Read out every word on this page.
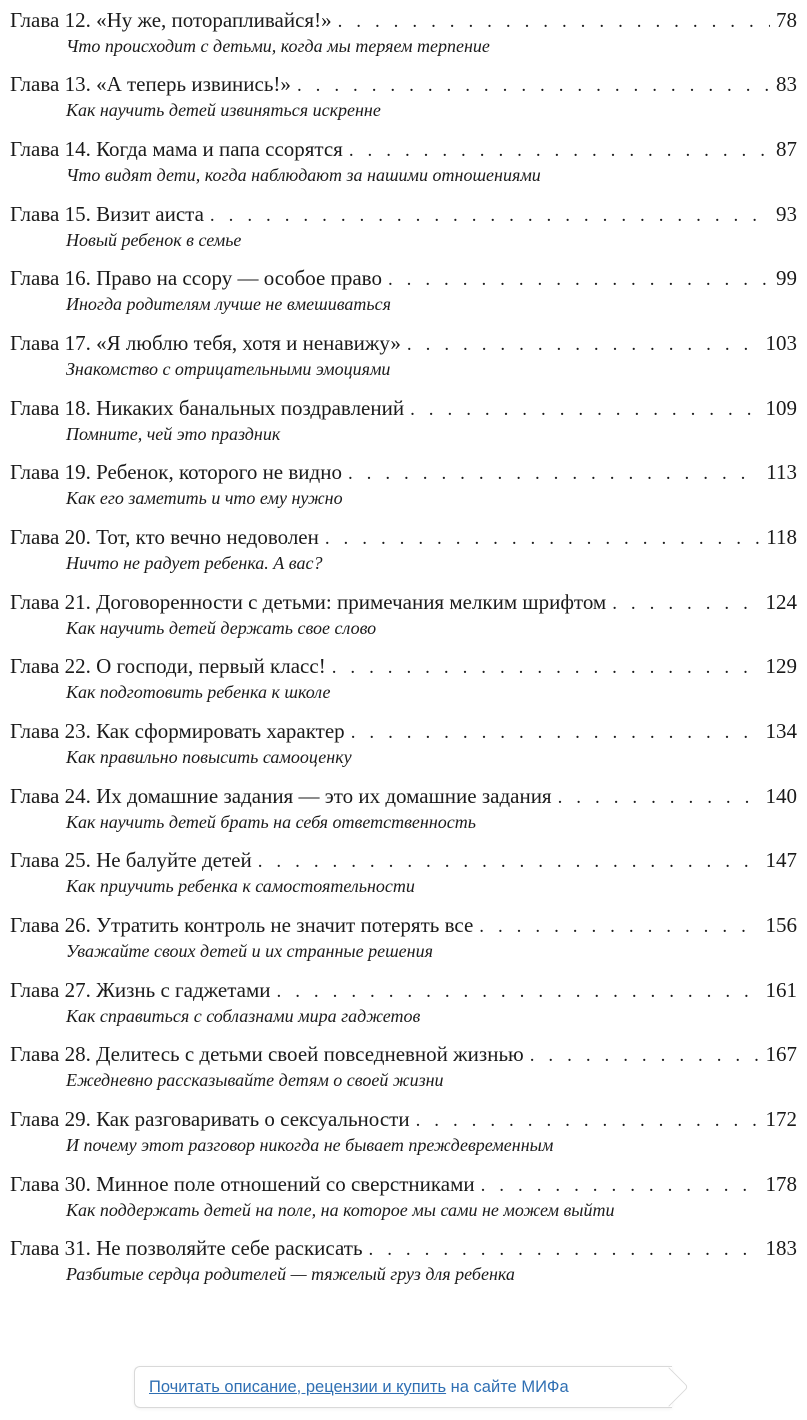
Глава 12. «Ну же, поторапливайся!» . . .	78
Что происходит с детьми, когда мы теряем терпение
Глава 13. «А теперь извинись!» . . .	83
Как научить детей извиняться искренне
Глава 14. Когда мама и папа ссорятся . . .	87
Что видят дети, когда наблюдают за нашими отношениями
Глава 15. Визит аиста . . .	93
Новый ребенок в семье
Глава 16. Право на ссору — особое право . . .	99
Иногда родителям лучше не вмешиваться
Глава 17. «Я люблю тебя, хотя и ненавижу» . . .	103
Знакомство с отрицательными эмоциями
Глава 18. Никаких банальных поздравлений . . .	109
Помните, чей это праздник
Глава 19. Ребенок, которого не видно . . .	113
Как его заметить и что ему нужно
Глава 20. Тот, кто вечно недоволен . . .	118
Ничто не радует ребенка. А вас?
Глава 21. Договоренности с детьми: примечания мелким шрифтом . . .	124
Как научить детей держать свое слово
Глава 22. О господи, первый класс! . . .	129
Как подготовить ребенка к школе
Глава 23. Как сформировать характер . . .	134
Как правильно повысить самооценку
Глава 24. Их домашние задания — это их домашние задания . . .	140
Как научить детей брать на себя ответственность
Глава 25. Не балуйте детей . . .	147
Как приучить ребенка к самостоятельности
Глава 26. Утратить контроль не значит потерять все . . .	156
Уважайте своих детей и их странные решения
Глава 27. Жизнь с гаджетами . . .	161
Как справиться с соблазнами мира гаджетов
Глава 28. Делитесь с детьми своей повседневной жизнью . . .	167
Ежедневно рассказывайте детям о своей жизни
Глава 29. Как разговаривать о сексуальности . . .	172
И почему этот разговор никогда не бывает преждевременным
Глава 30. Минное поле отношений со сверстниками . . .	178
Как поддержать детей на поле, на которое мы сами не можем выйти
Глава 31. Не позволяйте себе раскисать . . .	183
Разбитые сердца родителей — тяжелый груз для ребенка
Почитать описание, рецензии и купить на сайте МИФа
